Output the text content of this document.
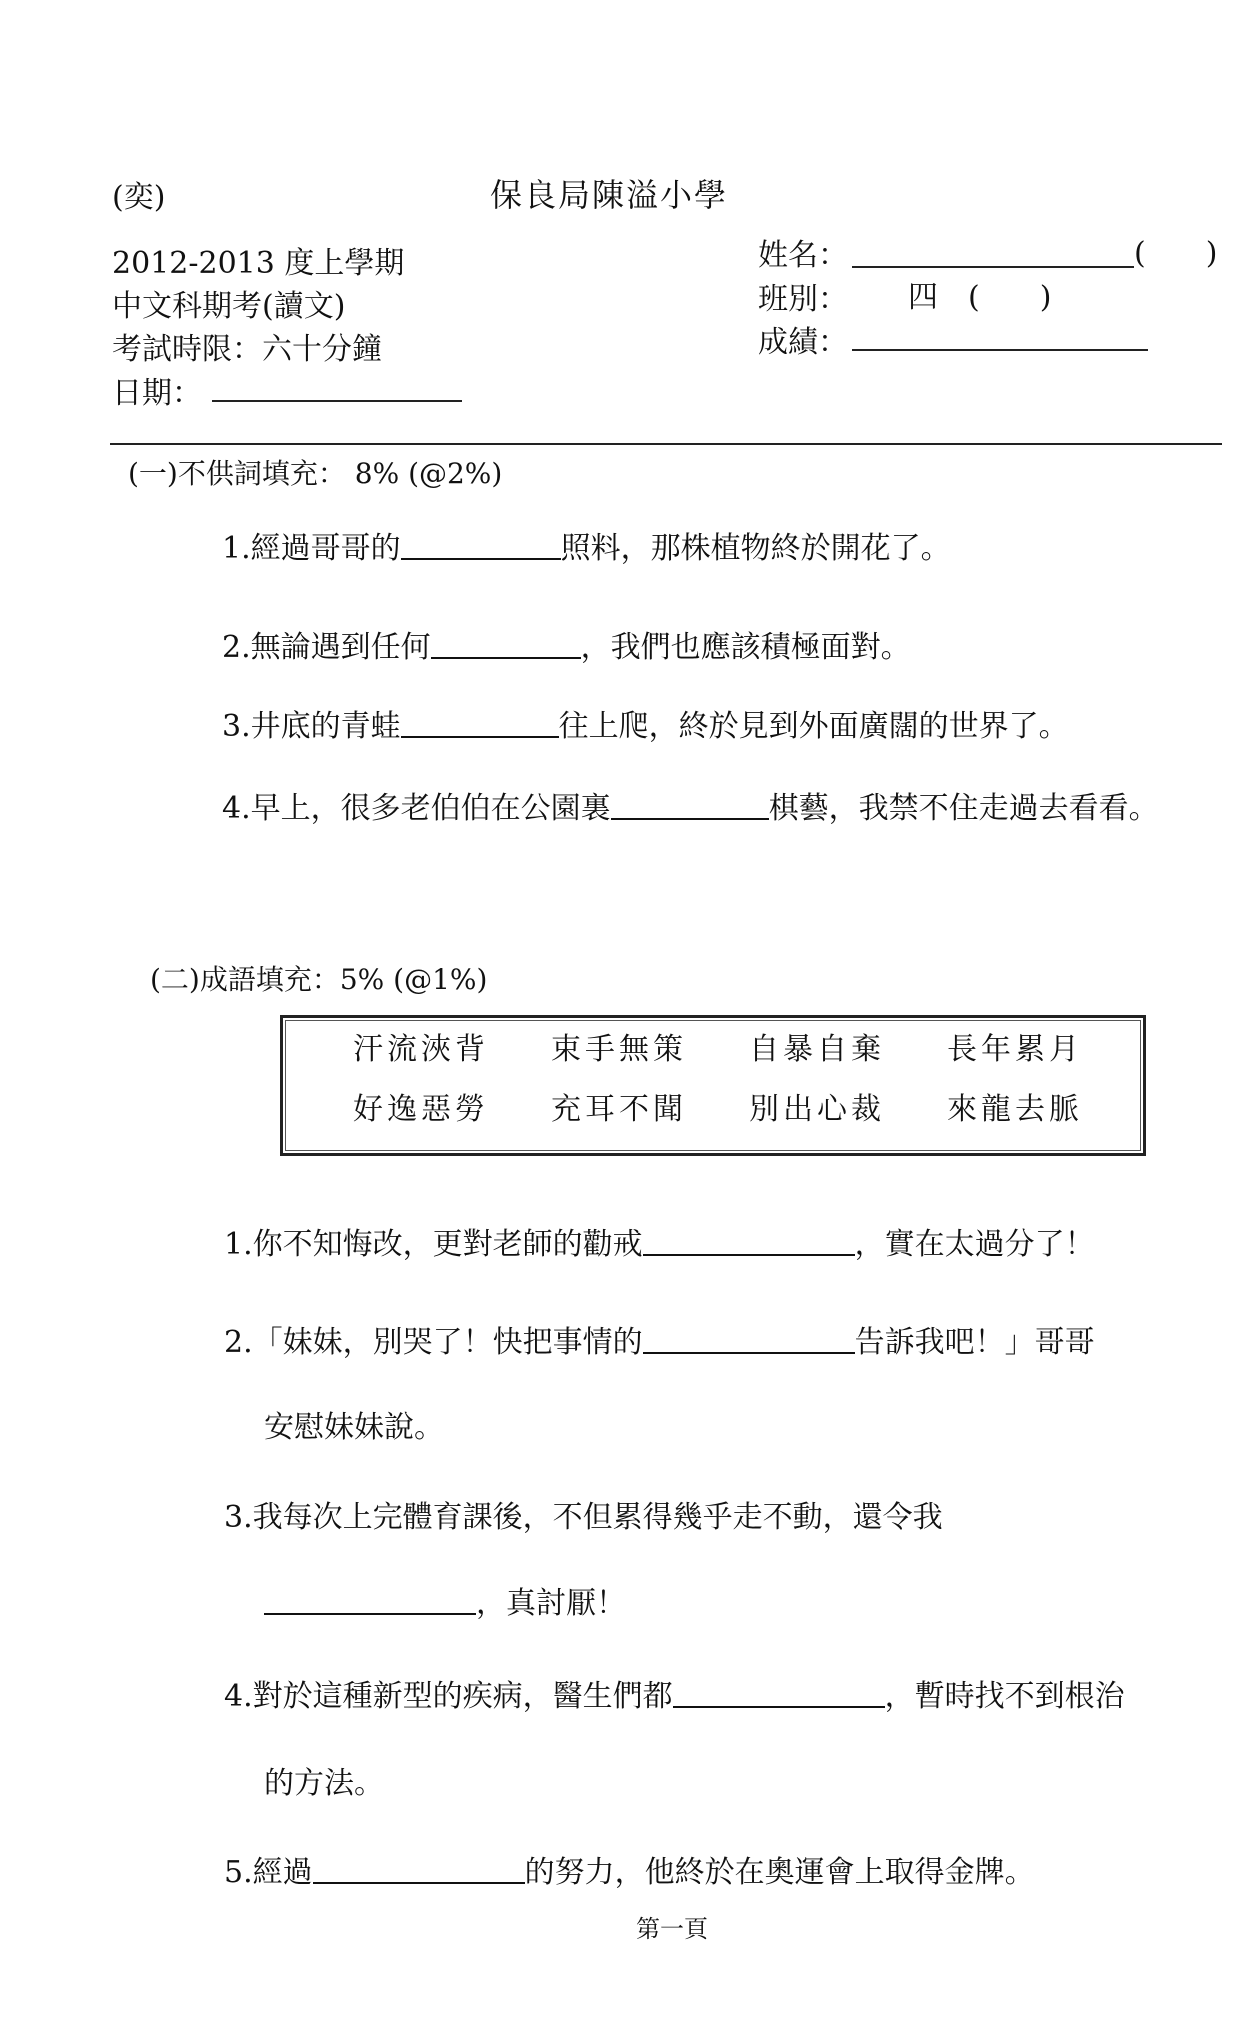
(奕)	保良局陳溢小學
2012-2013 度上學期
中文科期考(讀文)
考試時限：六十分鐘
日期：
姓名：	(　　)
班別： 四　(　　)
成績：
(一)不供詞填充： 8% (@2%)
1.經過哥哥的	照料，那株植物終於開花了。
2.無論遇到任何	，我們也應該積極面對。
3.井底的青蛙	往上爬，終於見到外面廣闊的世界了。
4.早上，很多老伯伯在公園裏	棋藝，我禁不住走過去看看。
(二)成語填充：5% (@1%)
汗流浹背 束手無策 自暴自棄 長年累月
好逸惡勞 充耳不聞 別出心裁 來龍去脈
1.你不知悔改，更對老師的勸戒	，實在太過分了！
2.「妹妹，別哭了！快把事情的	告訴我吧！」哥哥
安慰妹妹說。
3.我每次上完體育課後，不但累得幾乎走不動，還令我
，真討厭！
4.對於這種新型的疾病，醫生們都	，暫時找不到根治
的方法。
5.經過	的努力，他終於在奧運會上取得金牌。
第一頁
